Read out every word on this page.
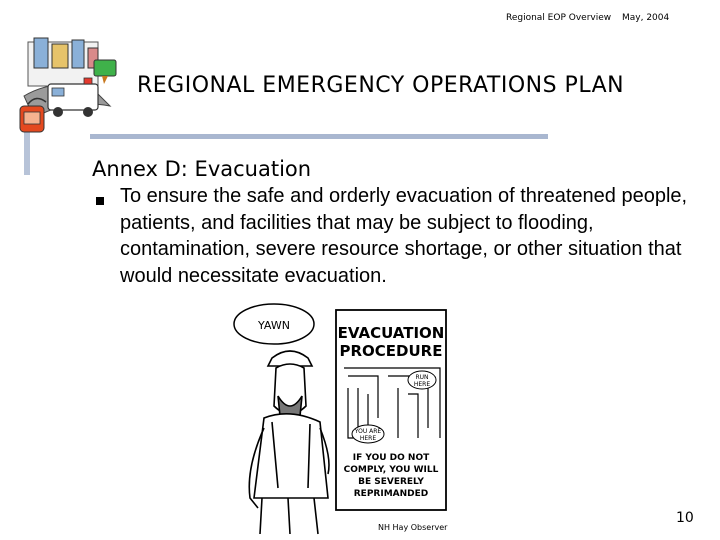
Regional EOP Overview May, 2004
REGIONAL EMERGENCY OPERATIONS PLAN
Annex D: Evacuation
To ensure the safe and orderly evacuation of threatened people, patients, and facilities that may be subject to flooding, contamination, severe resource shortage, or other situation that would necessitate evacuation.
YAWN	EVACUATION
PROCEDURE
RUN
HERE
YOU ARE
HERE
IF YOU DO NOT
COMPLY, YOU WILL
BE SEVERELY
REPRIMANDED
NH Hay Observer
10
